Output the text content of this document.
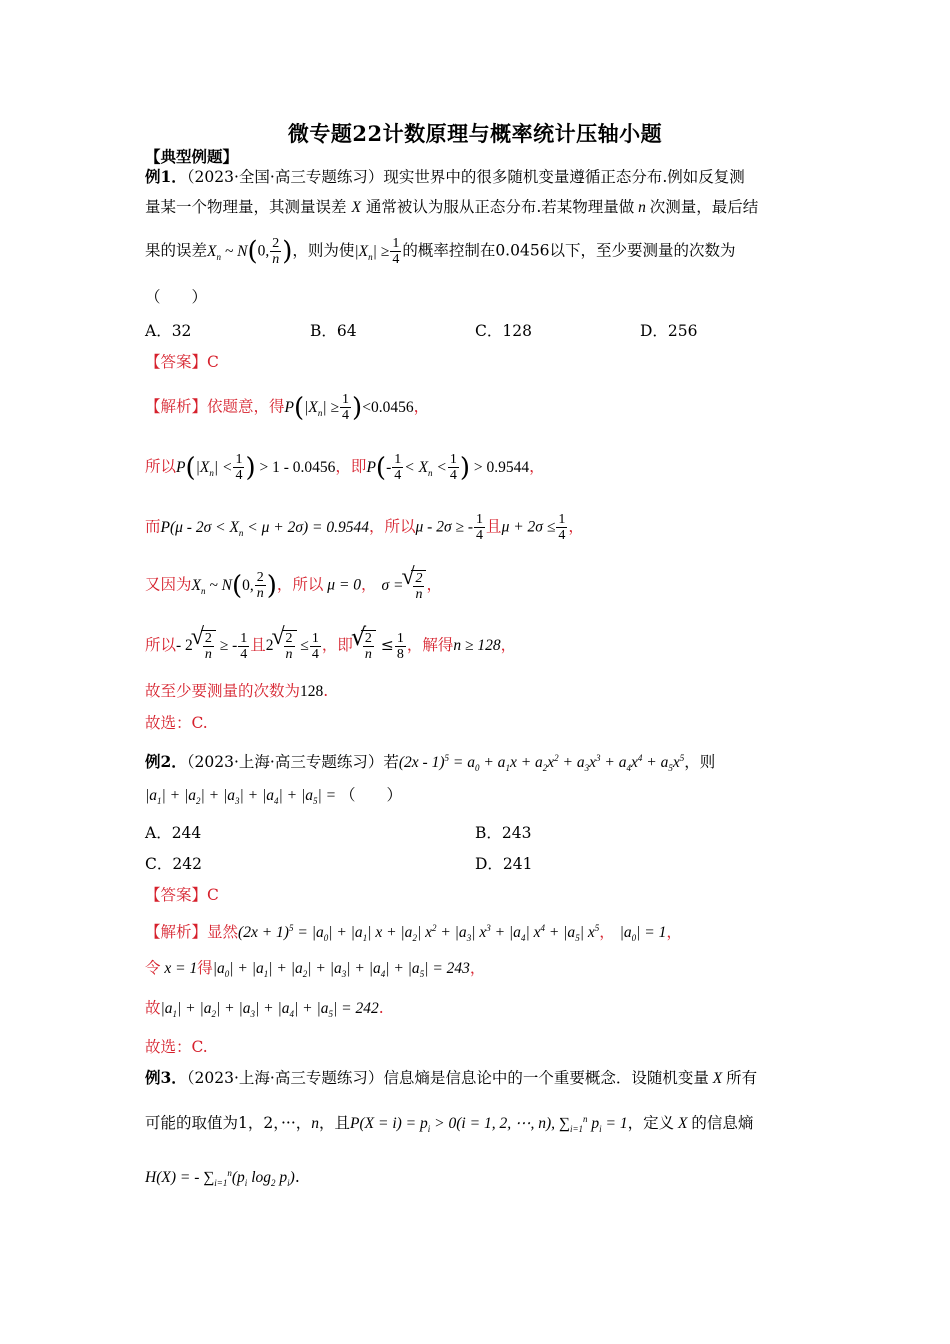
微专题22计数原理与概率统计压轴小题
【典型例题】
例1．（2023·全国·高三专题练习）现实世界中的很多随机变量遵循正态分布.例如反复测
量某一个物理量，其测量误差 X 通常被认为服从正态分布.若某物理量做 n 次测量，最后结
果的误差$X_n$ ~ N(0, $\frac{2}{n}$ )，则为使$|X_n| \ge \frac{1}{4}$ 的概率控制在0.0456以下，至少要测量的次数为
（　　）
A．32	B．64	C．128	D．256
【答案】C
【解析】依题意，得$P(|X_n| \ge \frac{1}{4} )<0.0456$，
所以$P(|X_n| < \frac{1}{4}$ ) > 1 - 0.0456，即$P(- \frac{1}{4} < X_n < \frac{1}{4}$ ) > 0.9544，
而$P(\mu - 2\sigma < X_n < \mu + 2\sigma) = 0.9544$，所以μ - 2σ ≥ - $\frac{1}{4}$ 且$\mu + 2\sigma \le \frac{1}{4}$ ，
又因为$X_n$ ~ N(0, $\frac{2}{n}$ )，所以 μ = 0， σ = √ $\frac{2}{n}$ ，
所以- 2 √ $\frac{2}{n}$ ≥ - $\frac{1}{4}$ 且2 √ $\frac{2}{n} \le \frac{1}{4}$ ，即 √ $\frac{2}{n} \le \frac{1}{8}$ ，解得n ≥ 128，
故至少要测量的次数为128.
故选：C.
例2．（2023·上海·高三专题练习）若$(2x - 1)^5 = a_0 + a_1x + a_2x^2 + a_3x^3 + a_4x^4 + a_5x^5$，则
$|a_1| + |a_2| + |a_3| + |a_4| + |a_5|$ = （　　）
A．244	B．243
C．242	D．241
【答案】C
【解析】显然$(2x + 1)^5 = |a_0| + |a_1|$ $x + |a_2|$ $x^2 + |a_3|$ $x^3 + |a_4|$ $x^4 + |a_5|$ $x^5$， $|a_0| = 1$，
令 x = 1得$|a_0| + |a_1| + |a_2| + |a_3| + |a_4| + |a_5| = 243$，
故$|a_1| + |a_2| + |a_3| + |a_4| + |a_5| = 242$.
故选：C.
例3．（2023·上海·高三专题练习）信息熵是信息论中的一个重要概念．设随机变量 X 所有
可能的取值为1，2，···，n，且$P(X = i) = p_i > 0(i = 1$, 2, ⋯, n), $\sum_{i=1}^n$ $p_i = 1$，定义 X 的信息熵
H(X) = - $\sum_{i=1}^n(p_i$ $\log_2 p_i$).
